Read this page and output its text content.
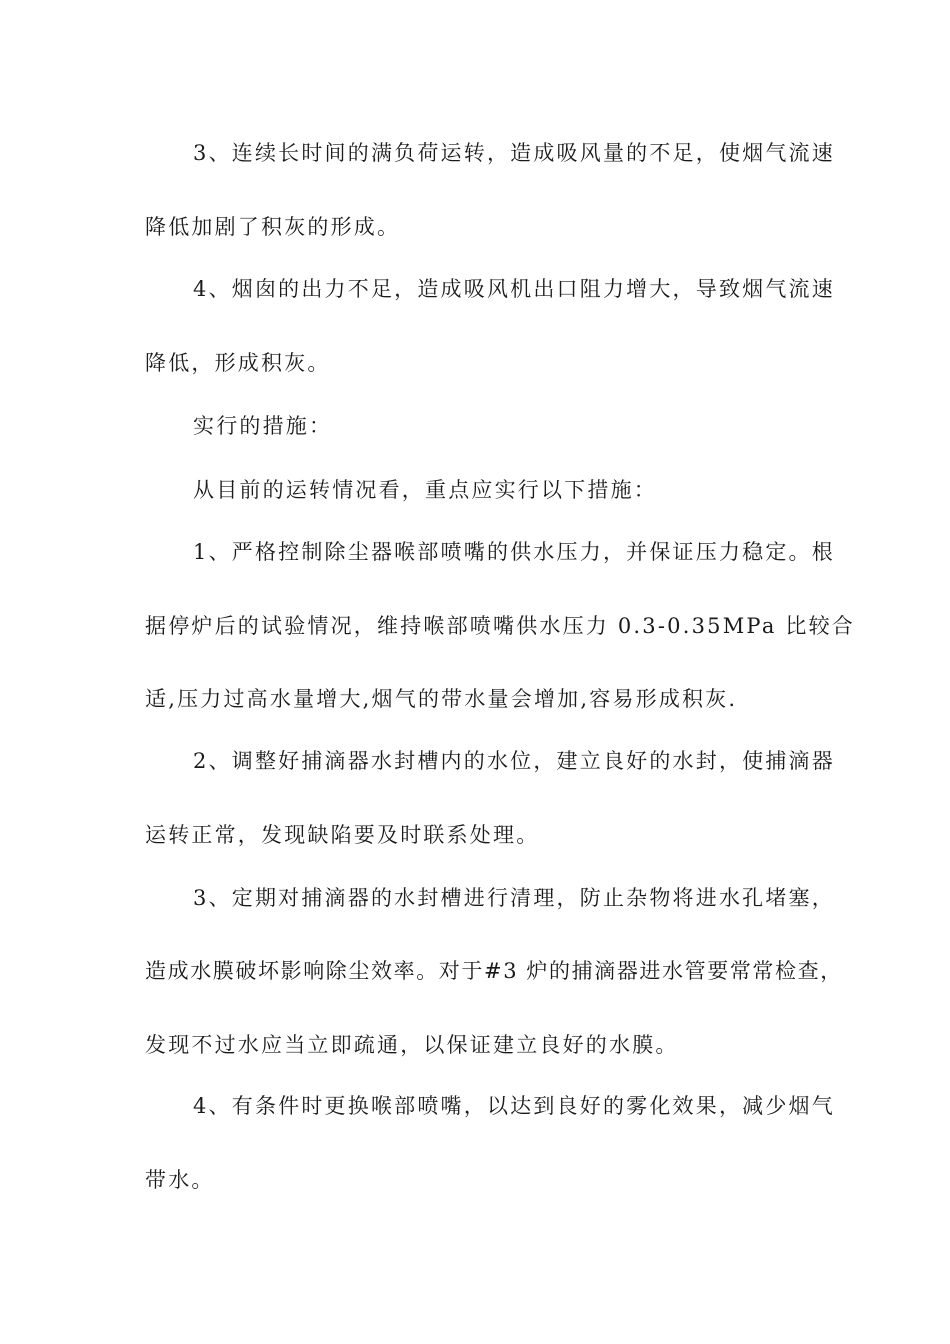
3、连续长时间的满负荷运转，造成吸风量的不足，使烟气流速

降低加剧了积灰的形成。

4、烟囱的出力不足，造成吸风机出口阻力增大，导致烟气流速

降低，形成积灰。

实行的措施：

从目前的运转情况看，重点应实行以下措施：

1、严格控制除尘器喉部喷嘴的供水压力，并保证压力稳定。根

据停炉后的试验情况，维持喉部喷嘴供水压力 0.3-0.35MPa 比较合

适,压力过高水量增大,烟气的带水量会增加,容易形成积灰.

2、调整好捕滴器水封槽内的水位，建立良好的水封，使捕滴器

运转正常，发现缺陷要及时联系处理。

3、定期对捕滴器的水封槽进行清理，防止杂物将进水孔堵塞，

造成水膜破坏影响除尘效率。对于#3 炉的捕滴器进水管要常常检查，

发现不过水应当立即疏通，以保证建立良好的水膜。

4、有条件时更换喉部喷嘴，以达到良好的雾化效果，减少烟气

带水。
